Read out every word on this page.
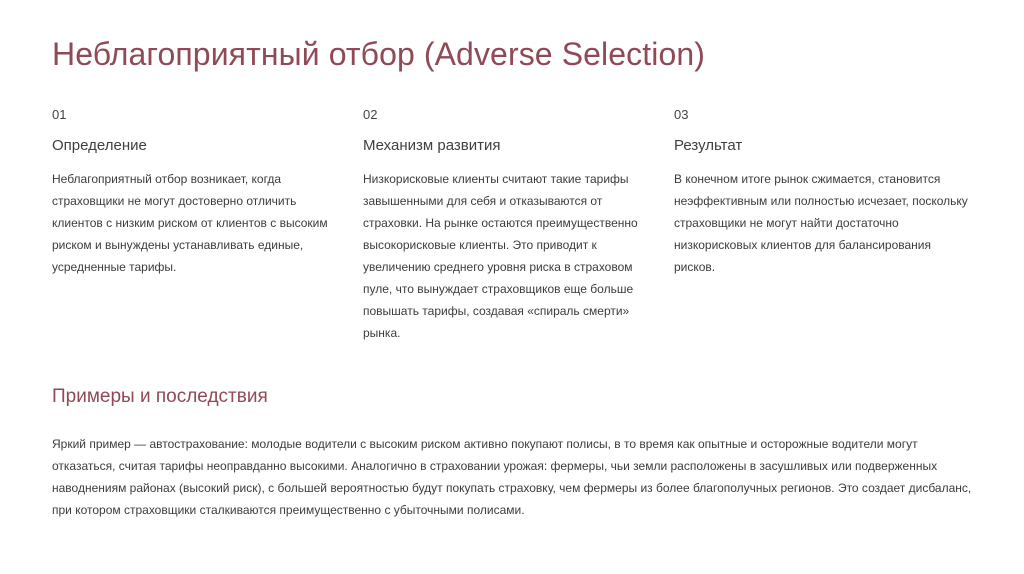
Неблагоприятный отбор (Adverse Selection)
01
Определение
Неблагоприятный отбор возникает, когда страховщики не могут достоверно отличить клиентов с низким риском от клиентов с высоким риском и вынуждены устанавливать единые, усредненные тарифы.
02
Механизм развития
Низкорисковые клиенты считают такие тарифы завышенными для себя и отказываются от страховки. На рынке остаются преимущественно высокорисковые клиенты. Это приводит к увеличению среднего уровня риска в страховом пуле, что вынуждает страховщиков еще больше повышать тарифы, создавая «спираль смерти» рынка.
03
Результат
В конечном итоге рынок сжимается, становится неэффективным или полностью исчезает, поскольку страховщики не могут найти достаточно низкорисковых клиентов для балансирования рисков.
Примеры и последствия

Яркий пример — автострахование: молодые водители с высоким риском активно покупают полисы, в то время как опытные и осторожные водители могут отказаться, считая тарифы неоправданно высокими. Аналогично в страховании урожая: фермеры, чьи земли расположены в засушливых или подверженных наводнениям районах (высокий риск), с большей вероятностью будут покупать страховку, чем фермеры из более благополучных регионов. Это создает дисбаланс, при котором страховщики сталкиваются преимущественно с убыточными полисами.
